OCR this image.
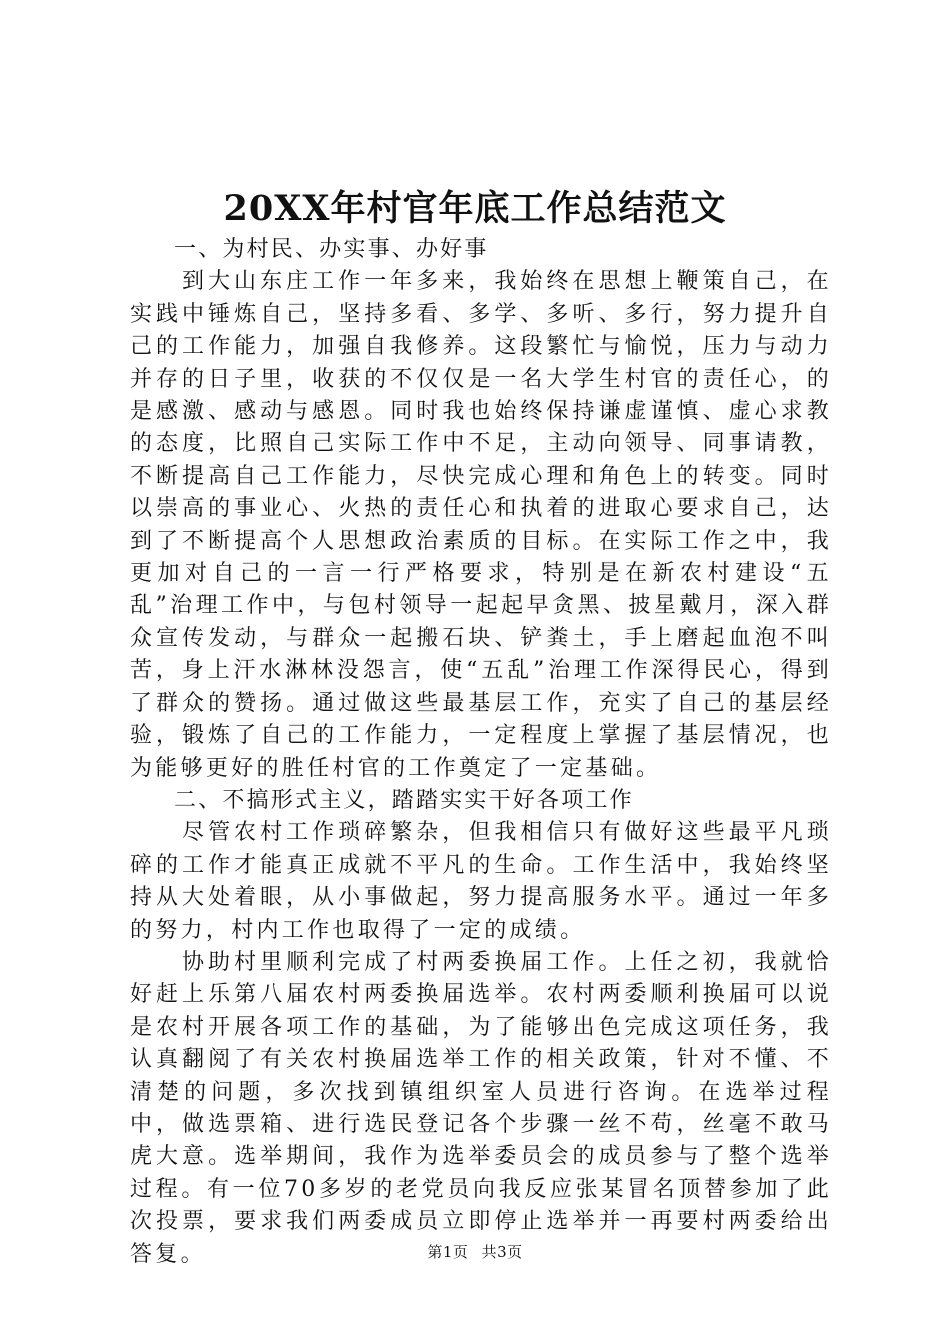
20XX年村官年底工作总结范文

一、为村民、办实事、办好事

到大山东庄工作一年多来，我始终在思想上鞭策自己，在实践中锤炼自己，坚持多看、多学、多听、多行，努力提升自己的工作能力，加强自我修养。这段繁忙与愉悦，压力与动力并存的日子里，收获的不仅仅是一名大学生村官的责任心，的是感激、感动与感恩。同时我也始终保持谦虚谨慎、虚心求教的态度，比照自己实际工作中不足，主动向领导、同事请教，不断提高自己工作能力，尽快完成心理和角色上的转变。同时以崇高的事业心、火热的责任心和执着的进取心要求自己，达到了不断提高个人思想政治素质的目标。在实际工作之中，我更加对自己的一言一行严格要求，特别是在新农村建设“五乱”治理工作中，与包村领导一起起早贪黑、披星戴月，深入群众宣传发动，与群众一起搬石块、铲粪土，手上磨起血泡不叫苦，身上汗水淋林没怨言，使“五乱”治理工作深得民心，得到了群众的赞扬。通过做这些最基层工作，充实了自己的基层经验，锻炼了自己的工作能力，一定程度上掌握了基层情况，也为能够更好的胜任村官的工作奠定了一定基础。

二、不搞形式主义，踏踏实实干好各项工作

尽管农村工作琐碎繁杂，但我相信只有做好这些最平凡琐碎的工作才能真正成就不平凡的生命。工作生活中，我始终坚持从大处着眼，从小事做起，努力提高服务水平。通过一年多的努力，村内工作也取得了一定的成绩。

协助村里顺利完成了村两委换届工作。上任之初，我就恰好赶上乐第八届农村两委换届选举。农村两委顺利换届可以说是农村开展各项工作的基础，为了能够出色完成这项任务，我认真翻阅了有关农村换届选举工作的相关政策，针对不懂、不清楚的问题，多次找到镇组织室人员进行咨询。在选举过程中，做选票箱、进行选民登记各个步骤一丝不苟，丝毫不敢马虎大意。选举期间，我作为选举委员会的成员参与了整个选举过程。有一位70多岁的老党员向我反应张某冒名顶替参加了此次投票，要求我们两委成员立即停止选举并一再要村两委给出答复。	第1页 共3页
